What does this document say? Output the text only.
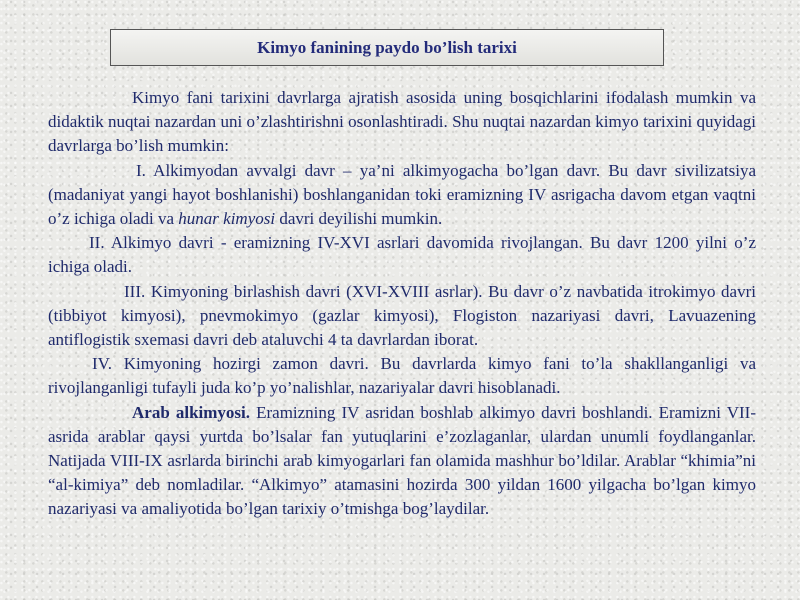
Kimyo fanining paydo bo’lish tarixi

Kimyo fani tarixini davrlarga ajratish asosida uning bosqichlarini ifodalash mumkin va didaktik nuqtai nazardan uni o’zlashtirishni osonlashtiradi. Shu nuqtai nazardan kimyo tarixini quyidagi davrlarga bo’lish mumkin:

I. Alkimyodan avvalgi davr – ya’ni alkimyogacha bo’lgan davr. Bu davr sivilizatsiya (madaniyat yangi hayot boshlanishi) boshlanganidan toki eramizning IV asrigacha davom etgan vaqtni o’z ichiga oladi va hunar kimyosi davri deyilishi mumkin.

II. Alkimyo davri - eramizning IV-XVI asrlari davomida rivojlangan. Bu davr 1200 yilni o’z ichiga oladi.

III. Kimyoning birlashish davri (XVI-XVIII asrlar). Bu davr o’z navbatida itrokimyo davri (tibbiyot kimyosi), pnevmokimyo (gazlar kimyosi), Flogiston nazariyasi davri, Lavuazening antiflogistik sxemasi davri deb ataluvchi 4 ta davrlardan iborat.

IV. Kimyoning hozirgi zamon davri. Bu davrlarda kimyo fani to’la shakllanganligi va rivojlanganligi tufayli juda ko’p yo’nalishlar, nazariyalar davri hisoblanadi.

Arab alkimyosi. Eramizning IV asridan boshlab alkimyo davri boshlandi. Eramizni VII-asrida arablar qaysi yurtda bo’lsalar fan yutuqlarini e’zozlaganlar, ulardan unumli foydlanganlar. Natijada VIII-IX asrlarda birinchi arab kimyogarlari fan olamida mashhur bo’ldilar. Arablar “khimia”ni “al-kimiya” deb nomladilar. “Alkimyo” atamasini hozirda 300 yildan 1600 yilgacha bo’lgan kimyo nazariyasi va amaliyotida bo’lgan tarixiy o’tmishga bog’laydilar.
